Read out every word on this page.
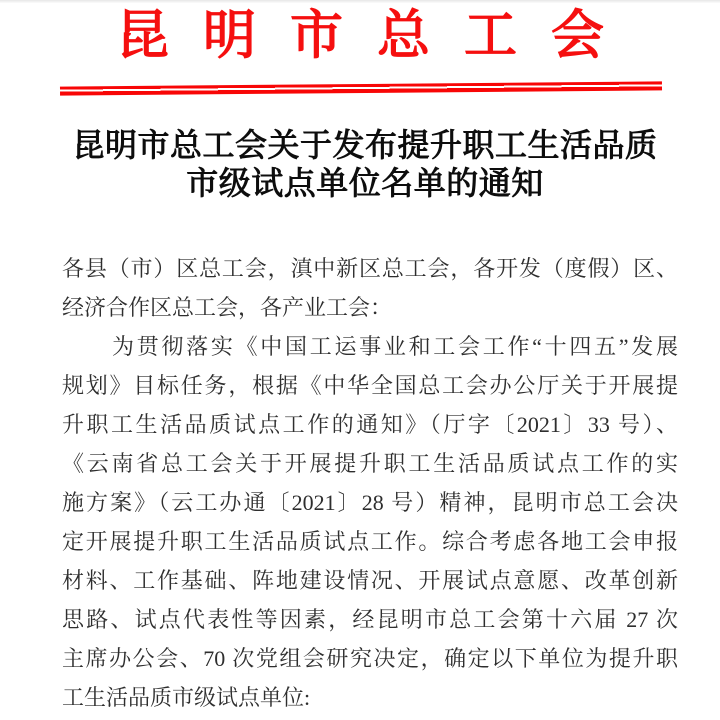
昆明市总工会
昆明市总工会关于发布提升职工生活品质
市级试点单位名单的通知
各县（市）区总工会，滇中新区总工会，各开发（度假）区、
经济合作区总工会，各产业工会：
为贯彻落实《中国工运事业和工会工作“十四五”发展
规划》目标任务，根据《中华全国总工会办公厅关于开展提
升职工生活品质试点工作的通知》（厅字〔2021〕33 号）、
《云南省总工会关于开展提升职工生活品质试点工作的实
施方案》（云工办通〔2021〕28 号）精神，昆明市总工会决
定开展提升职工生活品质试点工作。综合考虑各地工会申报
材料、工作基础、阵地建设情况、开展试点意愿、改革创新
思路、试点代表性等因素，经昆明市总工会第十六届 27 次
主席办公会、70 次党组会研究决定，确定以下单位为提升职
工生活品质市级试点单位:
